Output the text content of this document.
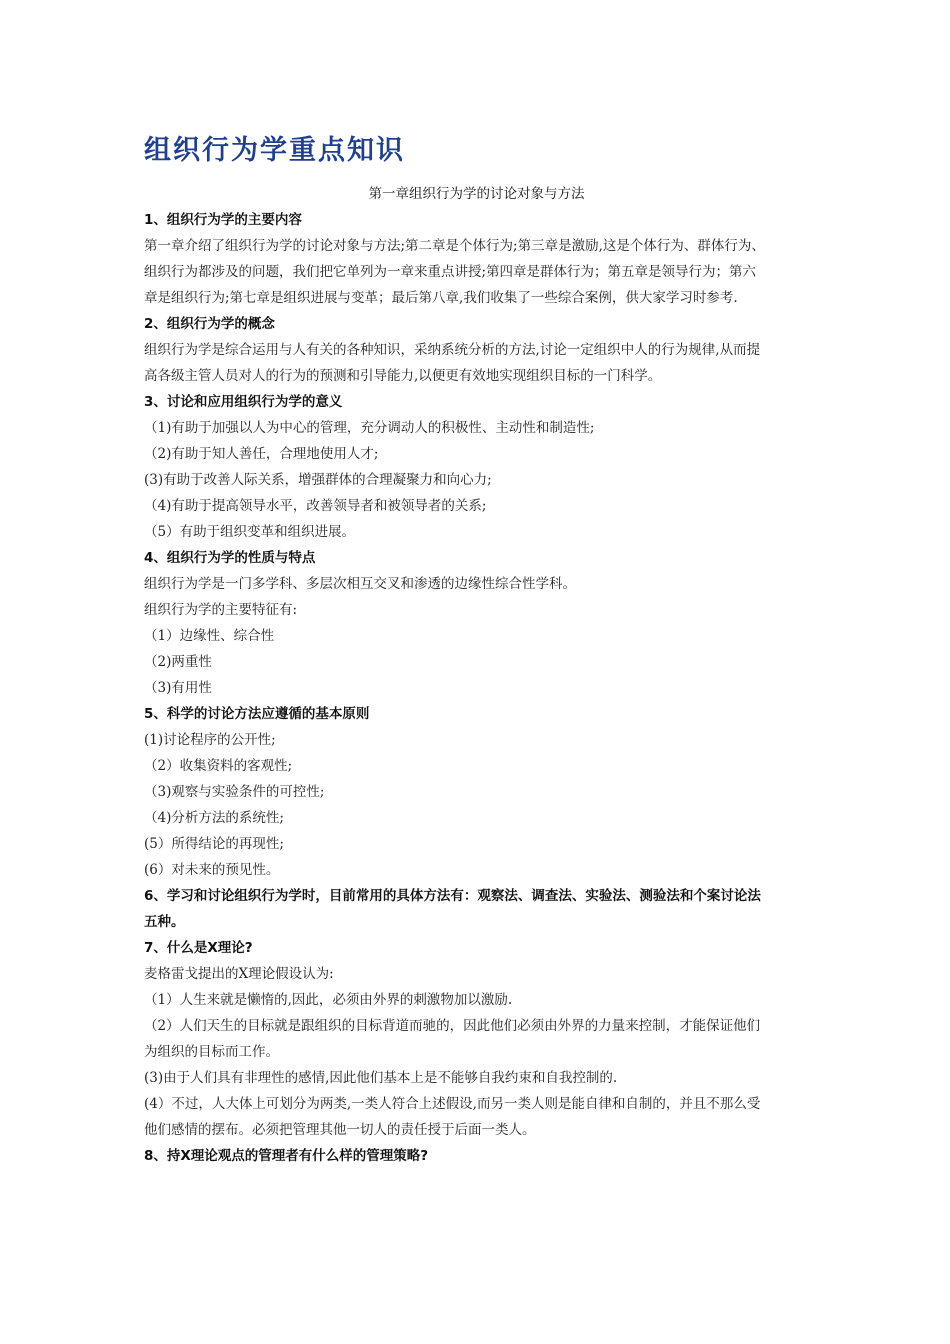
组织行为学重点知识
第一章组织行为学的讨论对象与方法
1、组织行为学的主要内容
第一章介绍了组织行为学的讨论对象与方法;第二章是个体行为;第三章是激励,这是个体行为、群体行为、
组织行为都涉及的问题，我们把它单列为一章来重点讲授;第四章是群体行为；第五章是领导行为；第六
章是组织行为;第七章是组织进展与变革；最后第八章,我们收集了一些综合案例，供大家学习时参考.
2、组织行为学的概念
组织行为学是综合运用与人有关的各种知识，采纳系统分析的方法,讨论一定组织中人的行为规律,从而提
高各级主管人员对人的行为的预测和引导能力,以便更有效地实现组织目标的一门科学。
3、讨论和应用组织行为学的意义
（1)有助于加强以人为中心的管理，充分调动人的积极性、主动性和制造性;
（2)有助于知人善任，合理地使用人才;
(3)有助于改善人际关系，增强群体的合理凝聚力和向心力;
（4)有助于提高领导水平，改善领导者和被领导者的关系;
（5）有助于组织变革和组织进展。
4、组织行为学的性质与特点
组织行为学是一门多学科、多层次相互交叉和渗透的边缘性综合性学科。
组织行为学的主要特征有:
（1）边缘性、综合性
（2)两重性
（3)有用性
5、科学的讨论方法应遵循的基本原则
(1)讨论程序的公开性;
（2）收集资料的客观性;
（3)观察与实验条件的可控性;
（4)分析方法的系统性;
(5）所得结论的再现性;
(6）对未来的预见性。
6、学习和讨论组织行为学时，目前常用的具体方法有：观察法、调查法、实验法、测验法和个案讨论法
五种。
7、什么是X理论?
麦格雷戈提出的X理论假设认为:
（1）人生来就是懒惰的,因此，必须由外界的刺激物加以激励.
（2）人们天生的目标就是跟组织的目标背道而驰的，因此他们必须由外界的力量来控制，才能保证他们
为组织的目标而工作。
(3)由于人们具有非理性的感情,因此他们基本上是不能够自我约束和自我控制的.
(4）不过，人大体上可划分为两类,一类人符合上述假设,而另一类人则是能自律和自制的，并且不那么受
他们感情的摆布。必须把管理其他一切人的责任授于后面一类人。
8、持X理论观点的管理者有什么样的管理策略?
